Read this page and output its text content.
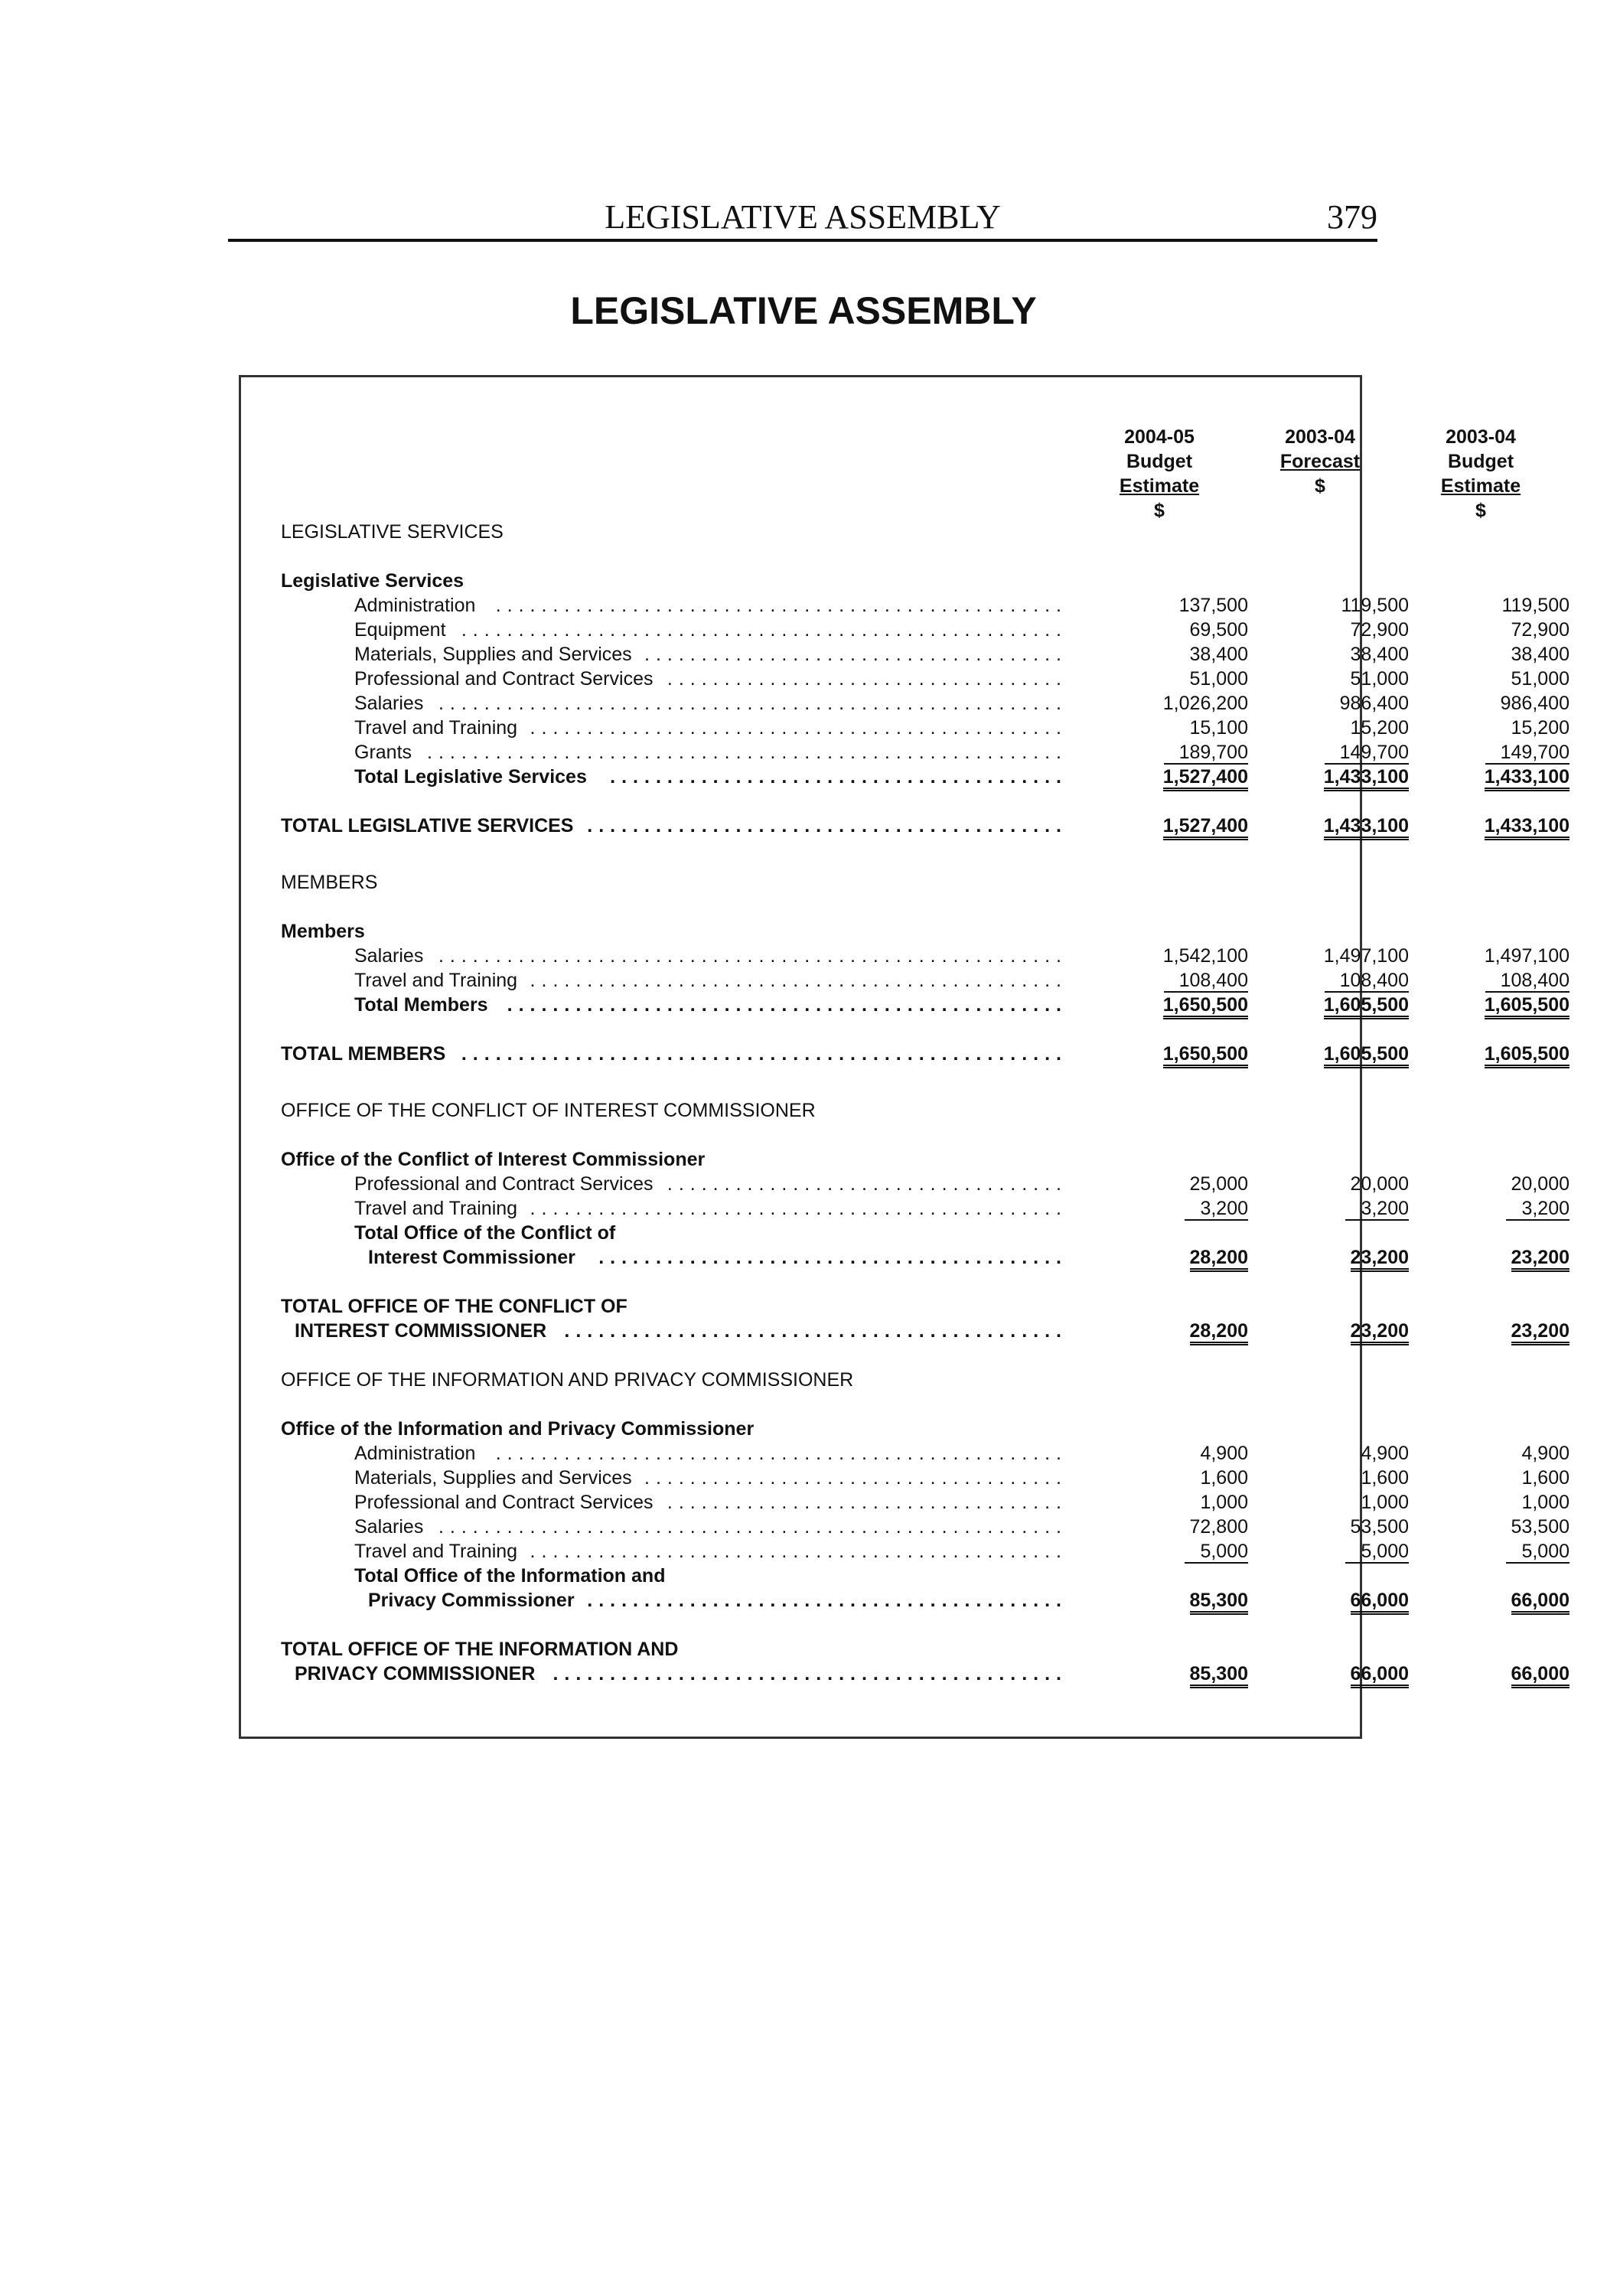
LEGISLATIVE ASSEMBLY	379
LEGISLATIVE ASSEMBLY
2004-05
Budget
Estimate
$
2003-04
Forecast
$
2003-04
Budget
Estimate
$
LEGISLATIVE SERVICES
Legislative Services
Administration	..................................................	137,500	119,500	119,500
Equipment .....................................................	69,500	72,900	72,900
Materials, Supplies and Services .....................................	38,400	38,400	38,400
Professional and Contract Services ...................................	51,000	51,000	51,000
Salaries .......................................................	1,026,200	986,400	986,400
Travel and Training ...............................................	15,100	15,200	15,200
Grants ........................................................	189,700	149,700	149,700
Total Legislative Services	........................................	1,527,400	1,433,100	1,433,100
TOTAL LEGISLATIVE SERVICES ..........................................	1,527,400	1,433,100	1,433,100
MEMBERS
Members
Salaries .......................................................	1,542,100	1,497,100	1,497,100
Travel and Training ...............................................	108,400	108,400	108,400
Total Members	.................................................	1,650,500	1,605,500	1,605,500
TOTAL MEMBERS .....................................................	1,650,500	1,605,500	1,605,500
OFFICE OF THE CONFLICT OF INTEREST COMMISSIONER
Office of the Conflict of Interest Commissioner
Professional and Contract Services ...................................	25,000	20,000	20,000
Travel and Training ...............................................	3,200	3,200	3,200
Total Office of the Conflict of
Interest Commissioner	.........................................	28,200	23,200	23,200
TOTAL OFFICE OF THE CONFLICT OF
INTEREST COMMISSIONER ............................................	28,200	23,200	23,200
OFFICE OF THE INFORMATION AND PRIVACY COMMISSIONER
Office of the Information and Privacy Commissioner
Administration	..................................................	4,900	4,900	4,900
Materials, Supplies and Services .....................................	1,600	1,600	1,600
Professional and Contract Services ...................................	1,000	1,000	1,000
Salaries .......................................................	72,800	53,500	53,500
Travel and Training ...............................................	5,000	5,000	5,000
Total Office of the Information and
Privacy Commissioner ..........................................	85,300	66,000	66,000
TOTAL OFFICE OF THE INFORMATION AND
PRIVACY COMMISSIONER .............................................	85,300	66,000	66,000
